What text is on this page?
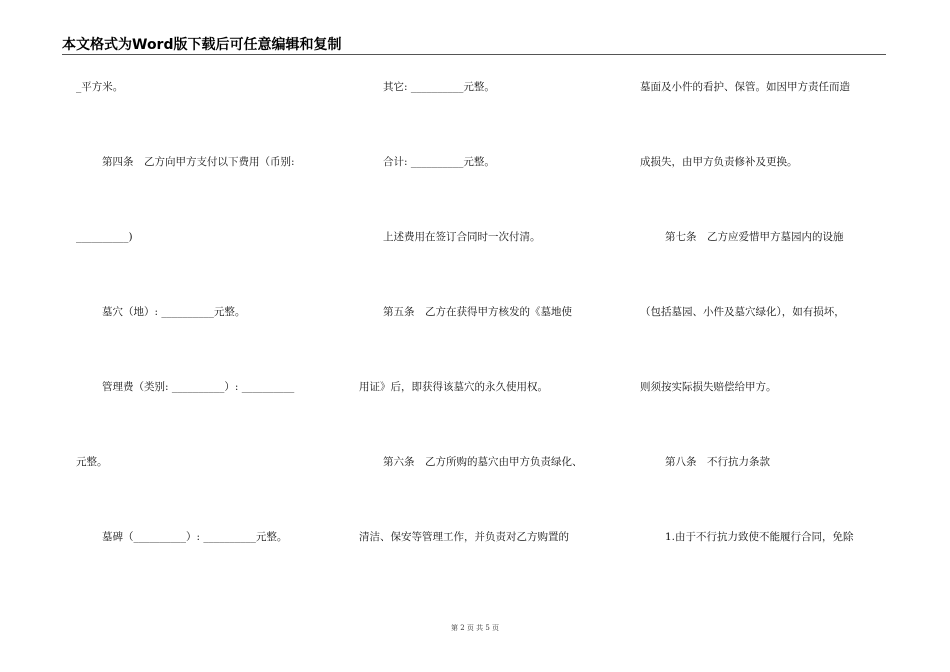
本文格式为Word版下载后可任意编辑和复制
_平方米。
第四条　乙方向甲方支付以下费用（币别:
__________)
墓穴（地）: __________元整。
管理费（类别: __________）: __________
元整。
墓碑（__________）: __________元整。
其它: __________元整。
合计: __________元整。
上述费用在签订合同时一次付清。
第五条　乙方在获得甲方核发的《墓地使
用证》后，即获得该墓穴的永久使用权。
第六条　乙方所购的墓穴由甲方负责绿化、
清洁、保安等管理工作，并负责对乙方购置的
墓面及小件的看护、保管。如因甲方责任而造
成损失，由甲方负责修补及更换。
第七条　乙方应爱惜甲方墓园内的设施
（包括墓园、小件及墓穴绿化），如有损坏，
则须按实际损失赔偿给甲方。
第八条　不行抗力条款
1.由于不行抗力致使不能履行合同，免除
第 2 页 共 5 页
